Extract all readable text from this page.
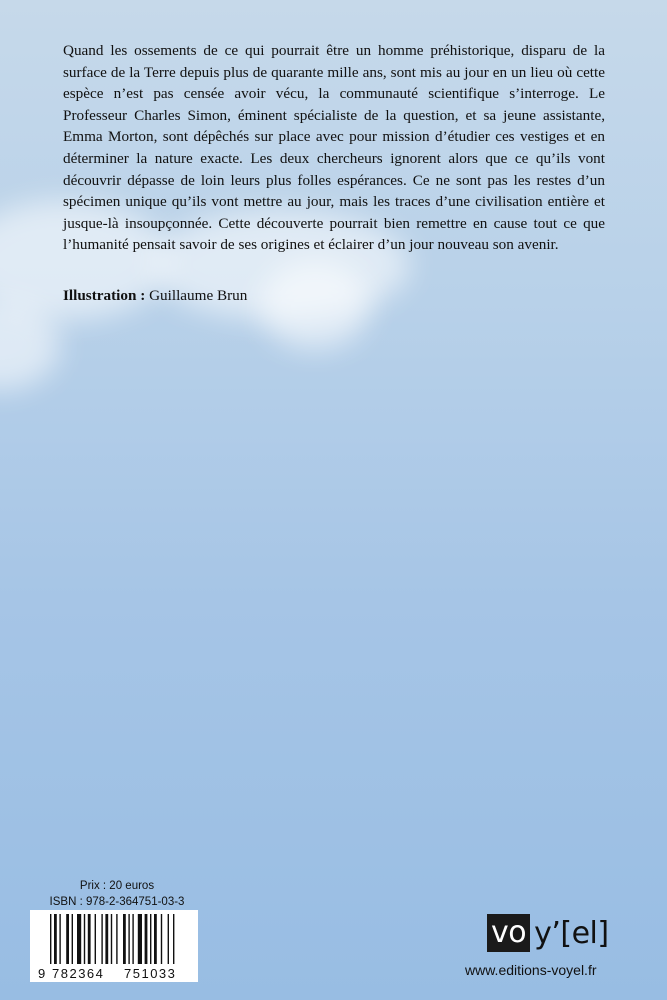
Quand les ossements de ce qui pourrait être un homme préhistorique, disparu de la surface de la Terre depuis plus de quarante mille ans, sont mis au jour en un lieu où cette espèce n’est pas censée avoir vécu, la communauté scientifique s’interroge. Le Professeur Charles Simon, éminent spécialiste de la question, et sa jeune assistante, Emma Morton, sont dépêchés sur place avec pour mission d’étudier ces vestiges et en déterminer la nature exacte. Les deux chercheurs ignorent alors que ce qu’ils vont découvrir dépasse de loin leurs plus folles espérances. Ce ne sont pas les restes d’un spécimen unique qu’ils vont mettre au jour, mais les traces d’une civilisation entière et jusque-là insoupçonnée. Cette découverte pourrait bien remettre en cause tout ce que l’humanité pensait savoir de ses origines et éclairer d’un jour nouveau son avenir.

Illustration : Guillaume Brun

Prix : 20 euros
ISBN : 978-2-364751-03-3
9 782364 751033
vo y’[el]
www.editions-voyel.fr
